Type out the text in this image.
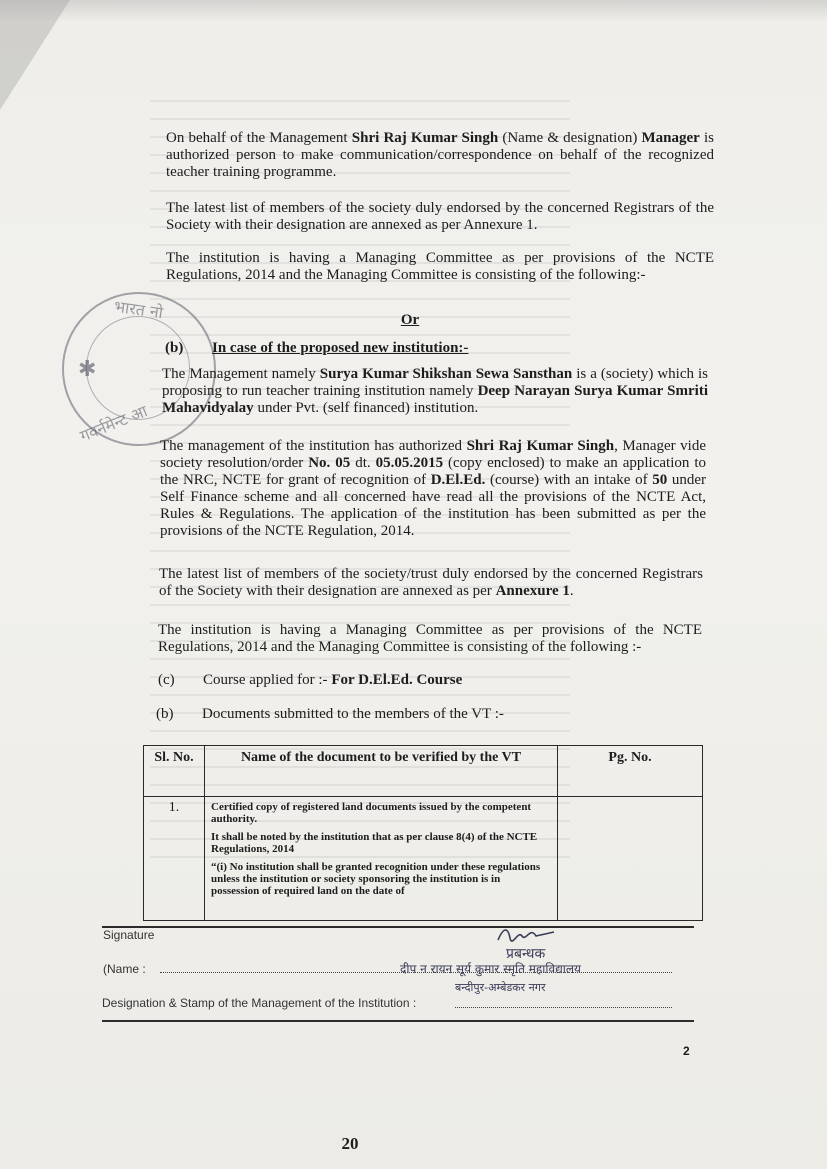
✱
भारत नो
गवर्नमेन्ट आ

On behalf of the Management Shri Raj Kumar Singh (Name & designation) Manager is authorized person to make communication/correspondence on behalf of the recognized teacher training programme.

The latest list of members of the society duly endorsed by the concerned Registrars of the Society with their designation are annexed as per Annexure 1.

The institution is having a Managing Committee as per provisions of the NCTE Regulations, 2014 and the Managing Committee is consisting of the following:-

Or
(b) In case of the proposed new institution:-

The Management namely Surya Kumar Shikshan Sewa Sansthan is a (society) which is proposing to run teacher training institution namely Deep Narayan Surya Kumar Smriti Mahavidyalay under Pvt. (self financed) institution.

The management of the institution has authorized Shri Raj Kumar Singh, Manager vide society resolution/order No. 05 dt. 05.05.2015 (copy enclosed) to make an application to the NRC, NCTE for grant of recognition of D.El.Ed. (course) with an intake of 50 under Self Finance scheme and all concerned have read all the provisions of the NCTE Act, Rules & Regulations. The application of the institution has been submitted as per the provisions of the NCTE Regulation, 2014.

The latest list of members of the society/trust duly endorsed by the concerned Registrars of the Society with their designation are annexed as per Annexure 1.

The institution is having a Managing Committee as per provisions of the NCTE Regulations, 2014 and the Managing Committee is consisting of the following :-

(c) Course applied for :- For D.El.Ed. Course
(b) Documents submitted to the members of the VT :-
Sl. No.	Name of the document to be verified by the VT	Pg. No.
1.	Certified copy of registered land documents issued by the competent authority.
It shall be noted by the institution that as per clause 8(4) of the NCTE Regulations, 2014
“(i) No institution shall be granted recognition under these regulations unless the institution or society sponsoring the institution is in possession of required land on the date of	

Signature
प्रबन्धक
(Name :	दीप न रायन सूर्य कुमार स्मृति महाविद्यालय
बन्दीपुर-अम्बेडकर नगर
Designation & Stamp of the Management of the Institution :
2
20
